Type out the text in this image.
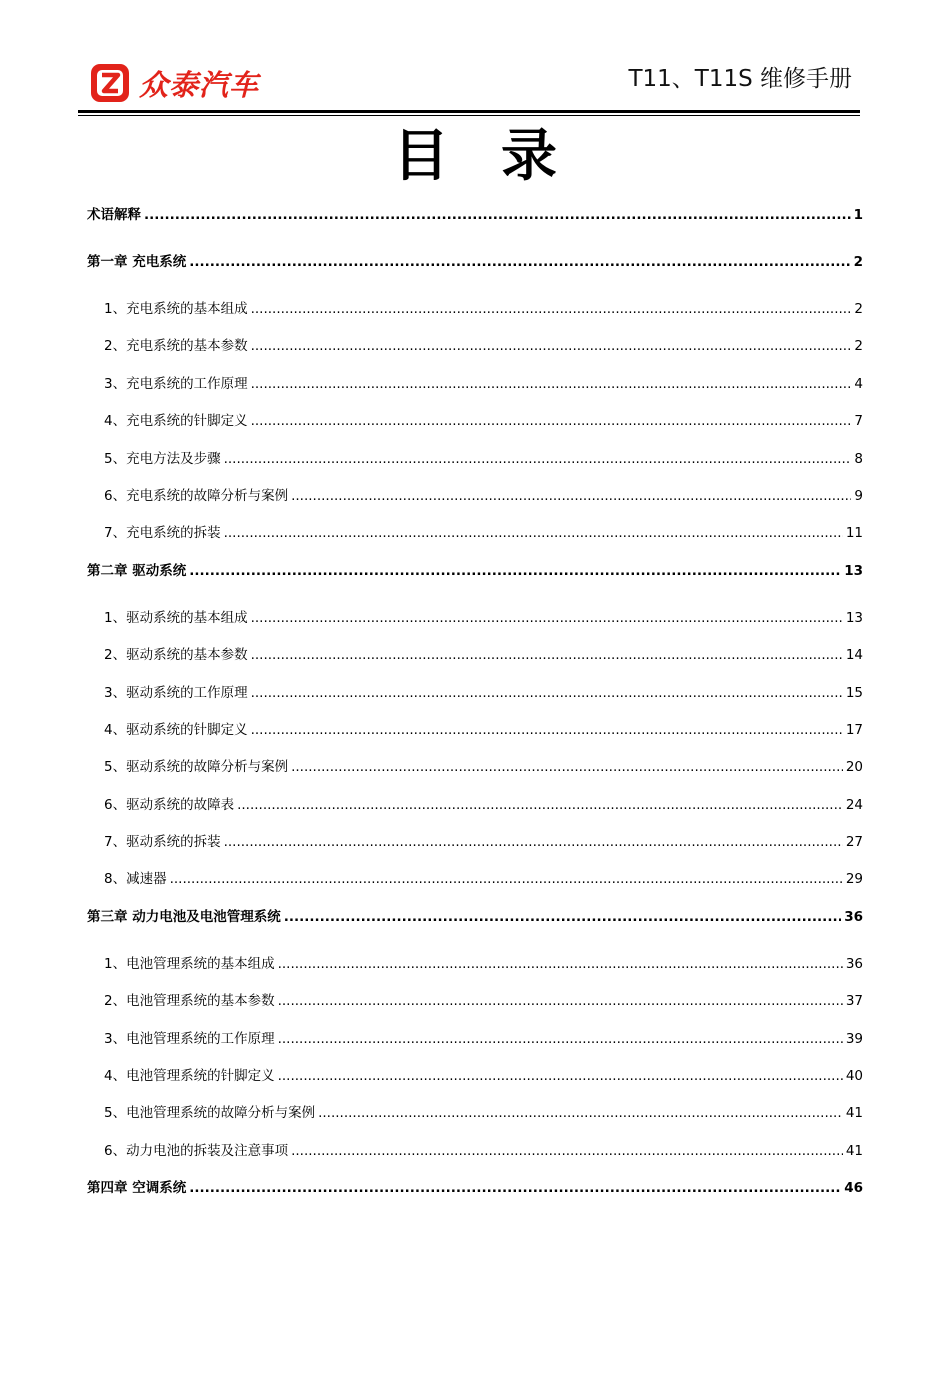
众泰汽车	T11、T11S 维修手册
目录
术语解释 .....	1
第一章 充电系统 .....	2
1、充电系统的基本组成 .....	2
2、充电系统的基本参数 .....	2
3、充电系统的工作原理 .....	4
4、充电系统的针脚定义 .....	7
5、充电方法及步骤 .....	8
6、充电系统的故障分析与案例 .....	9
7、充电系统的拆装 .....	11
第二章 驱动系统 .....	13
1、驱动系统的基本组成 .....	13
2、驱动系统的基本参数 .....	14
3、驱动系统的工作原理 .....	15
4、驱动系统的针脚定义 .....	17
5、驱动系统的故障分析与案例 .....	20
6、驱动系统的故障表 .....	24
7、驱动系统的拆装 .....	27
8、减速器 .....	29
第三章 动力电池及电池管理系统 .....	36
1、电池管理系统的基本组成 .....	36
2、电池管理系统的基本参数 .....	37
3、电池管理系统的工作原理 .....	39
4、电池管理系统的针脚定义 .....	40
5、电池管理系统的故障分析与案例 .....	41
6、动力电池的拆装及注意事项 .....	41
第四章 空调系统 .....	46
